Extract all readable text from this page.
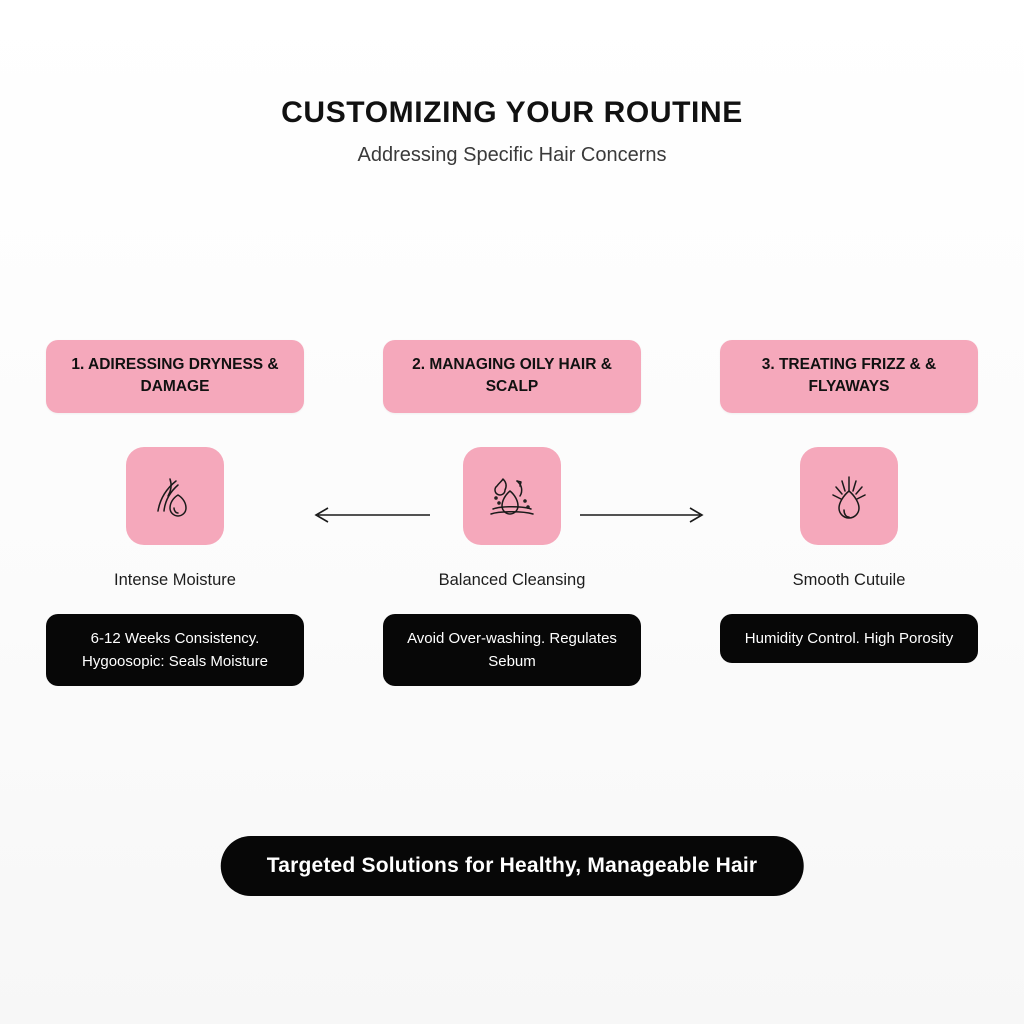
CUSTOMIZING YOUR ROUTINE
Addressing Specific Hair Concerns
1. ADIRESSING DRYNESS & DAMAGE
Intense Moisture
6-12 Weeks Consistency. Hygoosopic: Seals Moisture
2. MANAGING OILY HAIR & SCALP
Balanced Cleansing
Avoid Over-washing. Regulates Sebum
3. TREATING FRIZZ & & FLYAWAYS
Smooth Cutuile
Humidity Control. High Porosity
Targeted Solutions for Healthy, Manageable Hair
